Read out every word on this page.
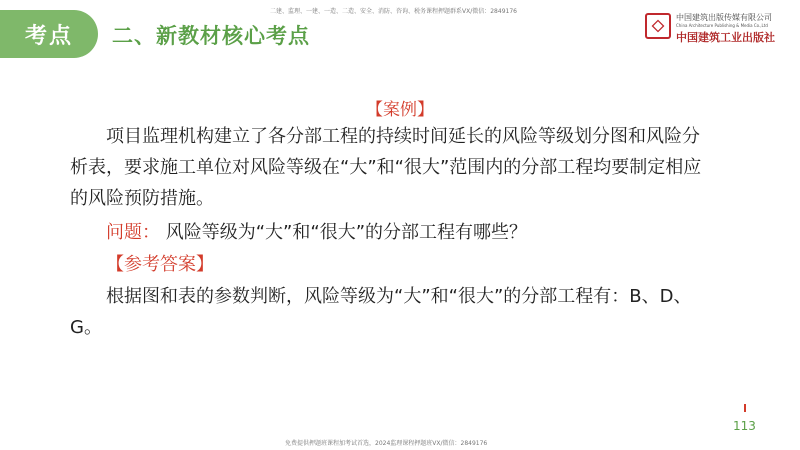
二建、监理、一建、一造、二造、安全、消防、咨询、税务课程押题群系VX/微信：2849176
考点	二、新教材核心考点
中国建筑出版传媒有限公司
China Architecture Publishing & Media Co.,Ltd
中国建筑工业出版社
【案例】
项目监理机构建立了各分部工程的持续时间延长的风险等级划分图和风险分析表，要求施工单位对风险等级在“大”和“很大”范围内的分部工程均要制定相应的风险预防措施。
问题： 风险等级为“大”和“很大”的分部工程有哪些？
【参考答案】
根据图和表的参数判断，风险等级为“大”和“很大”的分部工程有：B、D、G。
113
免费提供押题班课程加考试首选，2024监理课程押题班VX/微信：2849176
